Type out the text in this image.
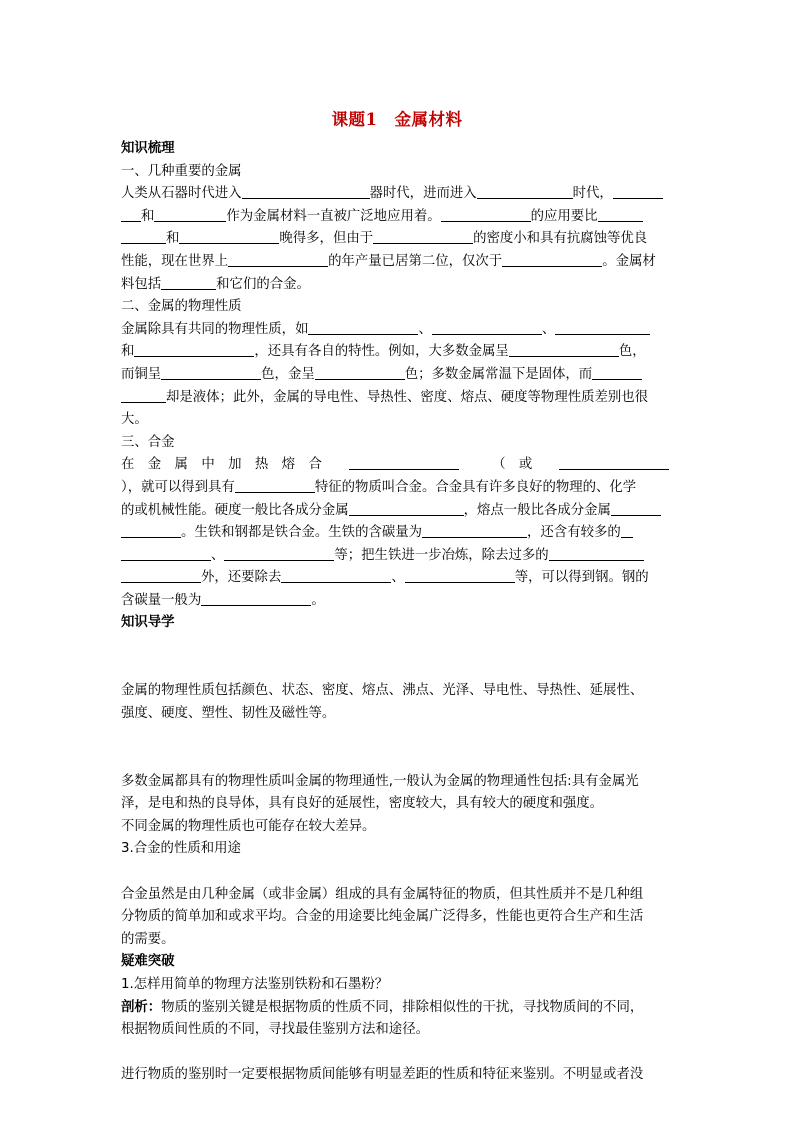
课题1　金属材料
知识梳理
一、几种重要的金属
人类从石器时代进入	器时代，进而进入	时代，
和	作为金属材料一直被广泛地应用着。	的应用要比
和	晚得多，但由于	的密度小和具有抗腐蚀等优良
性能，现在世界上	的年产量已居第二位，仅次于	。金属材
料包括	和它们的合金。
二、金属的物理性质
金属除具有共同的物理性质，如	、	、
和	，还具有各自的特性。例如，大多数金属呈	色，
而铜呈	色，金呈	色；多数金属常温下是固体，而
却是液体；此外，金属的导电性、导热性、密度、熔点、硬度等物理性质差别也很
大。
三、合金
在　金　属　中　加　热　熔　合　　　　　	（　或　　
），就可以得到具有	特征的物质叫合金。合金具有许多良好的物理的、化学
的或机械性能。硬度一般比各成分金属	，熔点一般比各成分金属
。生铁和钢都是铁合金。生铁的含碳量为	，还含有较多的
、	等；把生铁进一步冶炼，除去过多的
外，还要除去	、	等，可以得到钢。钢的
含碳量一般为	。
知识导学
金属的物理性质包括颜色、状态、密度、熔点、沸点、光泽、导电性、导热性、延展性、
强度、硬度、塑性、韧性及磁性等。
多数金属都具有的物理性质叫金属的物理通性,一般认为金属的物理通性包括:具有金属光
泽，是电和热的良导体，具有良好的延展性，密度较大，具有较大的硬度和强度。
不同金属的物理性质也可能存在较大差异。
3.合金的性质和用途
合金虽然是由几种金属（或非金属）组成的具有金属特征的物质，但其性质并不是几种组
分物质的简单加和或求平均。合金的用途要比纯金属广泛得多，性能也更符合生产和生活
的需要。
疑难突破
1.怎样用简单的物理方法鉴别铁粉和石墨粉？
剖析：物质的鉴别关键是根据物质的性质不同，排除相似性的干扰，寻找物质间的不同，
根据物质间性质的不同，寻找最佳鉴别方法和途径。
进行物质的鉴别时一定要根据物质间能够有明显差距的性质和特征来鉴别。不明显或者没
